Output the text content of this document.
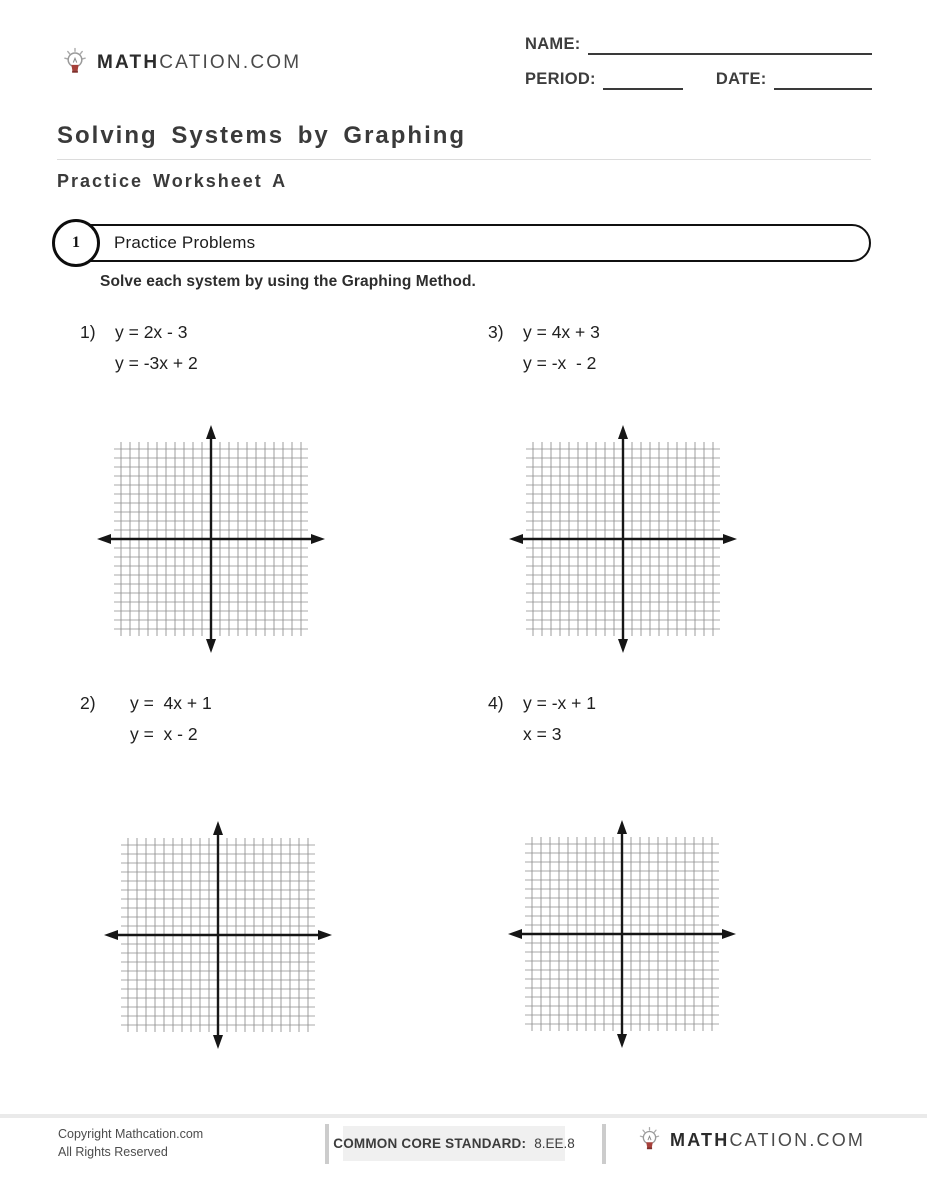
MATHCATION.COM
NAME:
PERIOD:	DATE:
Solving Systems by Graphing
Practice Worksheet A
Practice Problems
1
Solve each system by using the Graphing Method.
1)	y = 2x - 3
y = -3x + 2
3)	y = 4x + 3
y = -x  - 2
2)	y =  4x + 1
y =  x - 2
4)	y = -x + 1
x = 3
Copyright Mathcation.com
All Rights Reserved
COMMON CORE STANDARD: 8.EE.8	MATHCATION.COM
